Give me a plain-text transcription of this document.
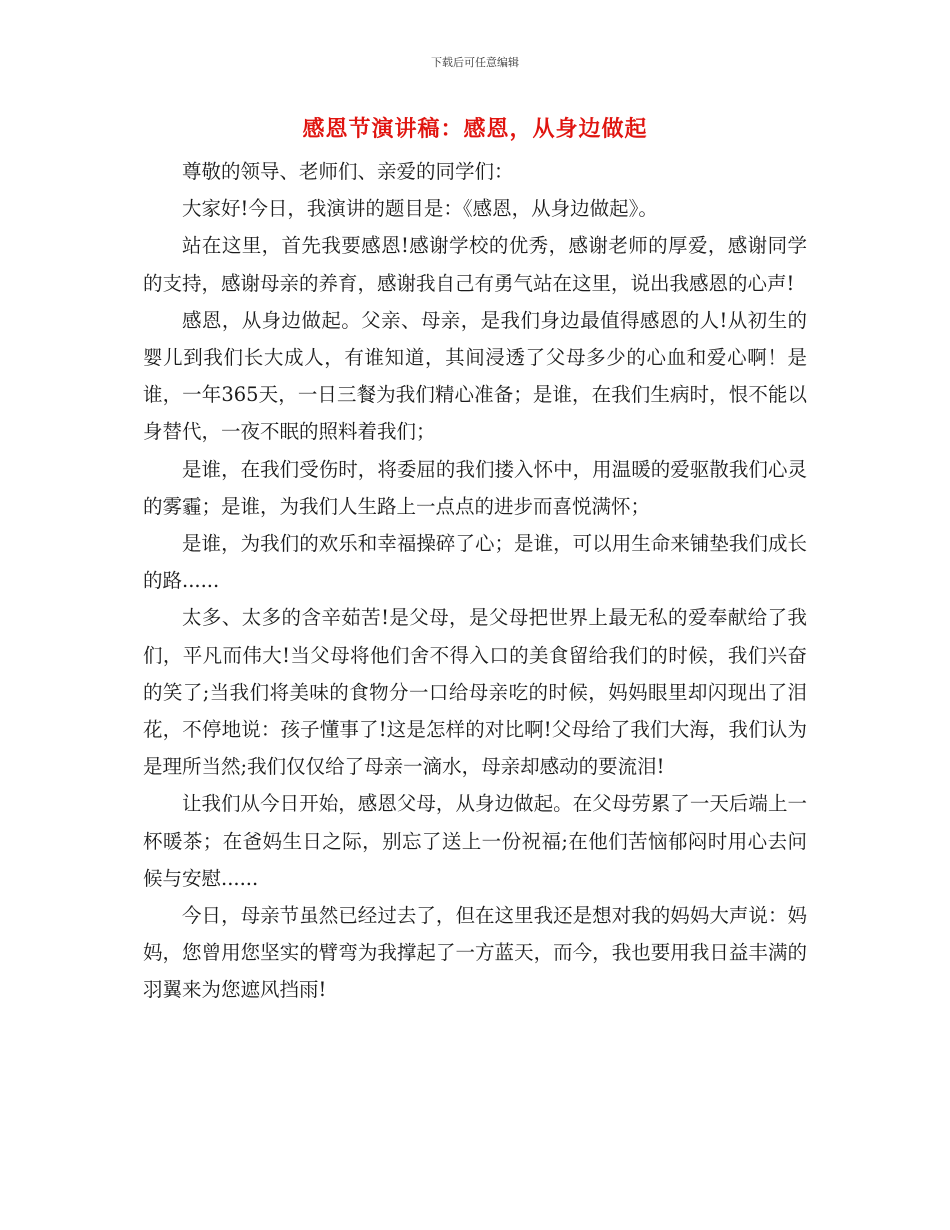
下载后可任意编辑
感恩节演讲稿：感恩，从身边做起

尊敬的领导、老师们、亲爱的同学们：

大家好!今日，我演讲的题目是：《感恩，从身边做起》。

站在这里，首先我要感恩!感谢学校的优秀，感谢老师的厚爱，感谢同学的支持，感谢母亲的养育，感谢我自己有勇气站在这里，说出我感恩的心声!

感恩，从身边做起。父亲、母亲，是我们身边最值得感恩的人!从初生的婴儿到我们长大成人，有谁知道，其间浸透了父母多少的心血和爱心啊！是谁，一年365天，一日三餐为我们精心准备；是谁，在我们生病时，恨不能以身替代，一夜不眠的照料着我们；

是谁，在我们受伤时，将委屈的我们搂入怀中，用温暖的爱驱散我们心灵的雾霾；是谁，为我们人生路上一点点的进步而喜悦满怀；

是谁，为我们的欢乐和幸福操碎了心；是谁，可以用生命来铺垫我们成长的路......

太多、太多的含辛茹苦!是父母，是父母把世界上最无私的爱奉献给了我们，平凡而伟大!当父母将他们舍不得入口的美食留给我们的时候，我们兴奋的笑了;当我们将美味的食物分一口给母亲吃的时候，妈妈眼里却闪现出了泪花，不停地说：孩子懂事了!这是怎样的对比啊!父母给了我们大海，我们认为是理所当然;我们仅仅给了母亲一滴水，母亲却感动的要流泪!

让我们从今日开始，感恩父母，从身边做起。在父母劳累了一天后端上一杯暖茶；在爸妈生日之际，别忘了送上一份祝福;在他们苦恼郁闷时用心去问候与安慰......

今日，母亲节虽然已经过去了，但在这里我还是想对我的妈妈大声说：妈妈，您曾用您坚实的臂弯为我撑起了一方蓝天，而今，我也要用我日益丰满的羽翼来为您遮风挡雨!
